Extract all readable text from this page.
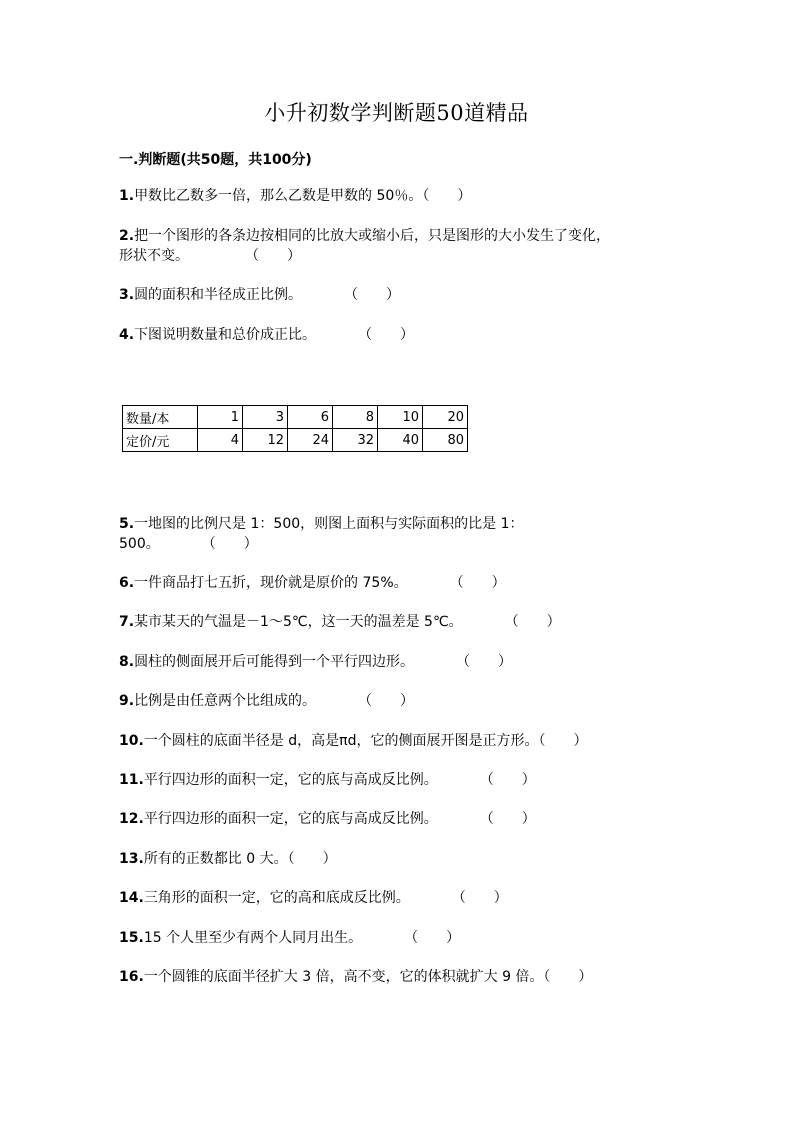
小升初数学判断题50道精品
一.判断题(共50题，共100分)
1.甲数比乙数多一倍，那么乙数是甲数的 50％。（　　）
2.把一个图形的各条边按相同的比放大或缩小后，只是图形的大小发生了变化，
形状不变。　　　　　（　　）
3.圆的面积和半径成正比例。　　　　（　　）
4.下图说明数量和总价成正比。　　　　（　　）
数量/本	1	3	6	8	10	20
定价/元	4	12	24	32	40	80
5.一地图的比例尺是 1：500，则图上面积与实际面积的比是 1：
500。　　　　（　　）
6.一件商品打七五折，现价就是原价的 75%。　　　　（　　）
7.某市某天的气温是－1～5℃，这一天的温差是 5℃。　　　　（　　）
8.圆柱的侧面展开后可能得到一个平行四边形。　　　　（　　）
9.比例是由任意两个比组成的。　　　　（　　）
10.一个圆柱的底面半径是 d，高是πd，它的侧面展开图是正方形。（　　）
11.平行四边形的面积一定，它的底与高成反比例。　　　　（　　）
12.平行四边形的面积一定，它的底与高成反比例。　　　　（　　）
13.所有的正数都比 0 大。（　　）
14.三角形的面积一定，它的高和底成反比例。　　　　（　　）
15.15 个人里至少有两个人同月出生。　　　　（　　）
16.一个圆锥的底面半径扩大 3 倍，高不变，它的体积就扩大 9 倍。（　　）
